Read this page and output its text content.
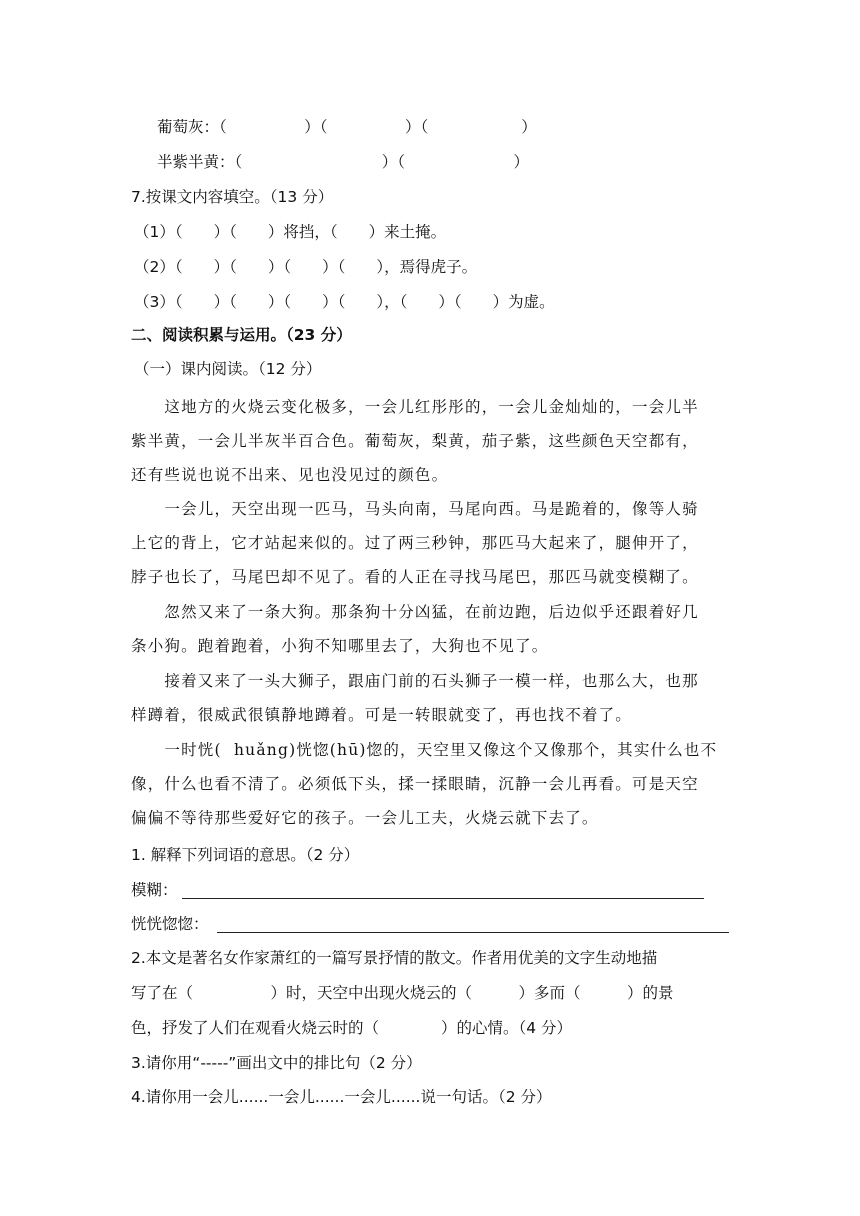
葡萄灰：（　　　　　）（　　　　　）（　　　　　　）
半紫半黄：（　　　　　　　　　）（　　　　　　　）
7.按课文内容填空。（13 分）
（1）（　　）（　　）将挡，（　　）来土掩。
（2）（　　）（　　）（　　）（　　），焉得虎子。
（3）（　　）（　　）（　　）（　　），（　　）（　　）为虚。
二、阅读积累与运用。（23 分）
（一）课内阅读。（12 分）
　　这地方的火烧云变化极多，一会儿红彤彤的，一会儿金灿灿的，一会儿半
紫半黄，一会儿半灰半百合色。葡萄灰，梨黄，茄子紫，这些颜色天空都有，
还有些说也说不出来、见也没见过的颜色。
　　一会儿，天空出现一匹马，马头向南，马尾向西。马是跪着的，像等人骑
上它的背上，它才站起来似的。过了两三秒钟，那匹马大起来了，腿伸开了，
脖子也长了，马尾巴却不见了。看的人正在寻找马尾巴，那匹马就变模糊了。
　　忽然又来了一条大狗。那条狗十分凶猛，在前边跑，后边似乎还跟着好几
条小狗。跑着跑着，小狗不知哪里去了，大狗也不见了。
　　接着又来了一头大狮子，跟庙门前的石头狮子一模一样，也那么大，也那
样蹲着，很威武很镇静地蹲着。可是一转眼就变了，再也找不着了。
　　一时恍(  huǎng)恍惚(hū)惚的，天空里又像这个又像那个，其实什么也不
像，什么也看不清了。必须低下头，揉一揉眼睛，沉静一会儿再看。可是天空
偏偏不等待那些爱好它的孩子。一会儿工夫，火烧云就下去了。
1. 解释下列词语的意思。（2 分）
模糊：
恍恍惚惚：
2.本文是著名女作家萧红的一篇写景抒情的散文。作者用优美的文字生动地描
写了在（　　　　　）时，天空中出现火烧云的（　　　）多而（　　　）的景
色，抒发了人们在观看火烧云时的（　　　　）的心情。（4 分）
3.请你用“-----”画出文中的排比句（2 分）
4.请你用一会儿......一会儿......一会儿......说一句话。（2 分）
